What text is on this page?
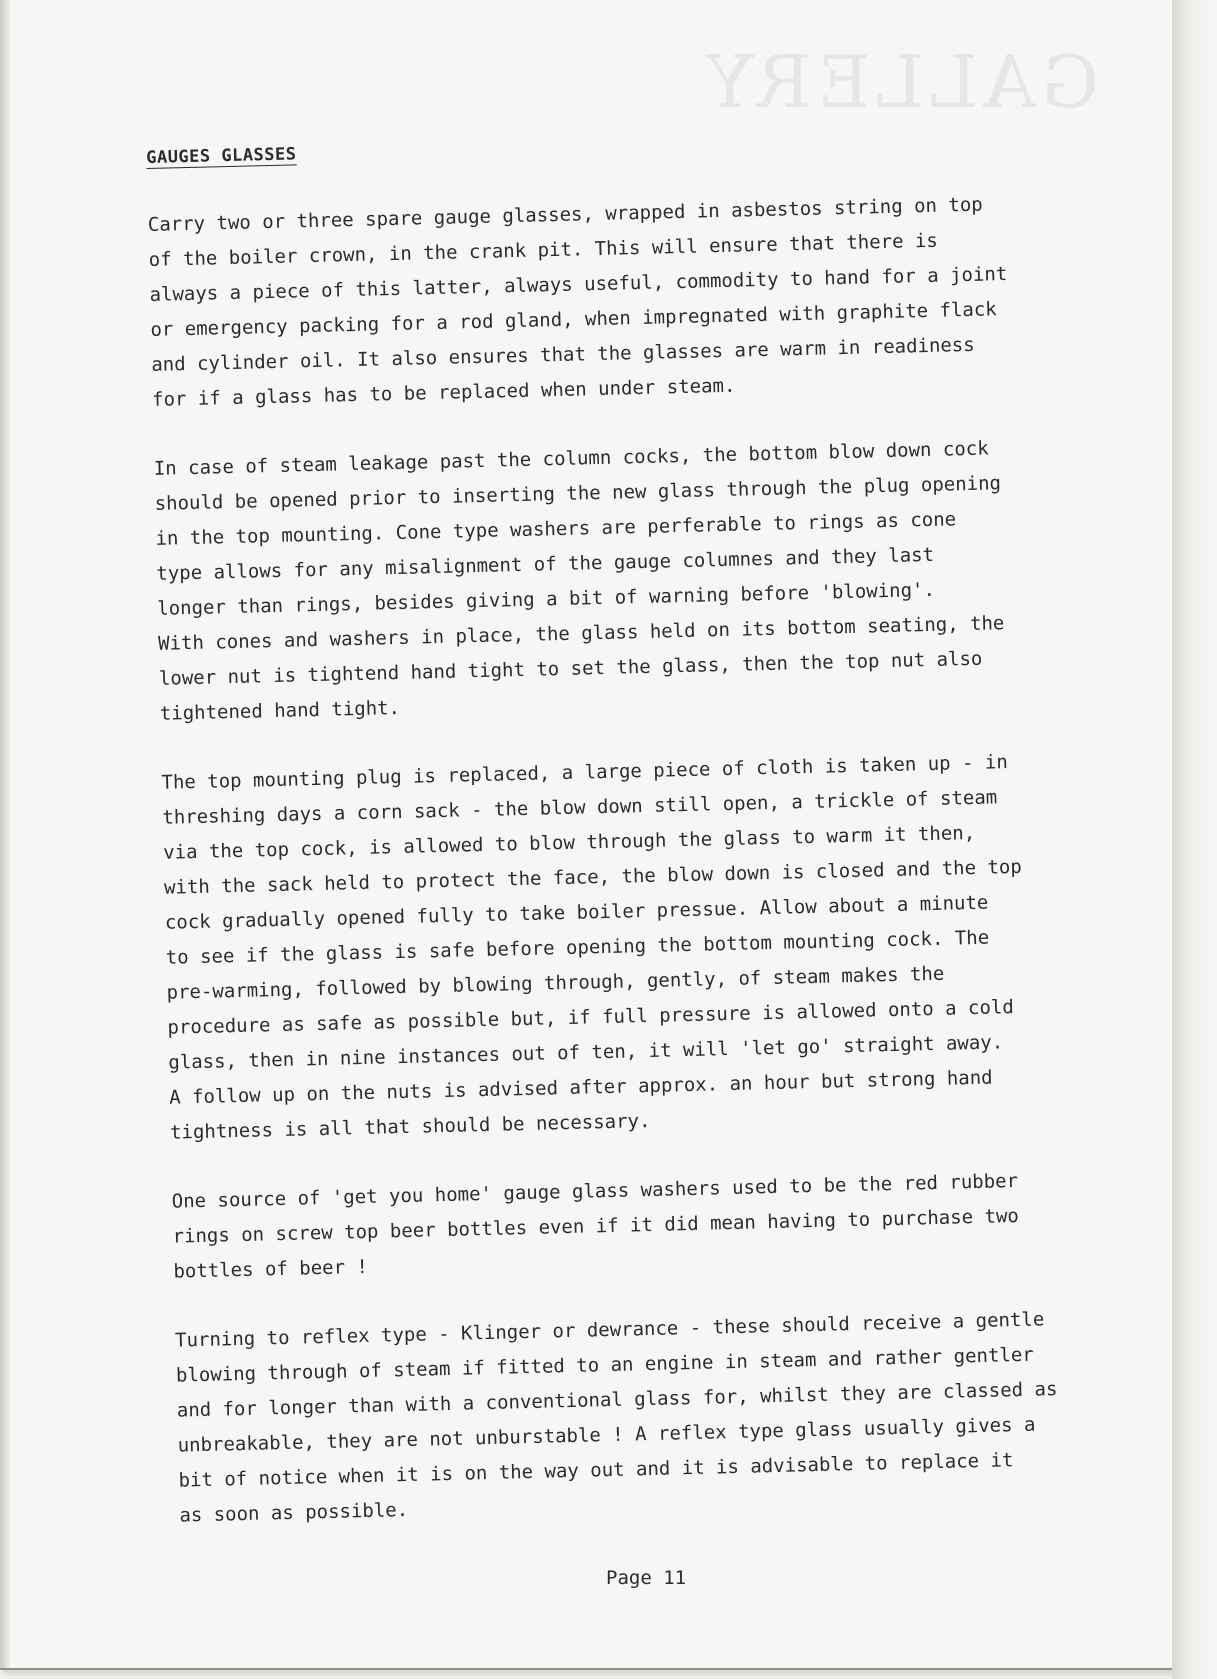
GALLERY
GAUGES GLASSES
Carry two or three spare gauge glasses, wrapped in asbestos string on top
of the boiler crown, in the crank pit. This will ensure that there is
always a piece of this latter, always useful, commodity to hand for a joint
or emergency packing for a rod gland, when impregnated with graphite flack
and cylinder oil. It also ensures that the glasses are warm in readiness
for if a glass has to be replaced when under steam.
In case of steam leakage past the column cocks, the bottom blow down cock
should be opened prior to inserting the new glass through the plug opening
in the top mounting. Cone type washers are perferable to rings as cone
type allows for any misalignment of the gauge columnes and they last
longer than rings, besides giving a bit of warning before 'blowing'.
With cones and washers in place, the glass held on its bottom seating, the
lower nut is tightend hand tight to set the glass, then the top nut also
tightened hand tight.
The top mounting plug is replaced, a large piece of cloth is taken up - in
threshing days a corn sack - the blow down still open, a trickle of steam
via the top cock, is allowed to blow through the glass to warm it then,
with the sack held to protect the face, the blow down is closed and the top
cock gradually opened fully to take boiler pressue. Allow about a minute
to see if the glass is safe before opening the bottom mounting cock. The
pre-warming, followed by blowing through, gently, of steam makes the
procedure as safe as possible but, if full pressure is allowed onto a cold
glass, then in nine instances out of ten, it will 'let go' straight away.
A follow up on the nuts is advised after approx. an hour but strong hand
tightness is all that should be necessary.
One source of 'get you home' gauge glass washers used to be the red rubber
rings on screw top beer bottles even if it did mean having to purchase two
bottles of beer !
Turning to reflex type - Klinger or dewrance - these should receive a gentle
blowing through of steam if fitted to an engine in steam and rather gentler
and for longer than with a conventional glass for, whilst they are classed as
unbreakable, they are not unburstable ! A reflex type glass usually gives a
bit of notice when it is on the way out and it is advisable to replace it
as soon as possible.
Page 11
